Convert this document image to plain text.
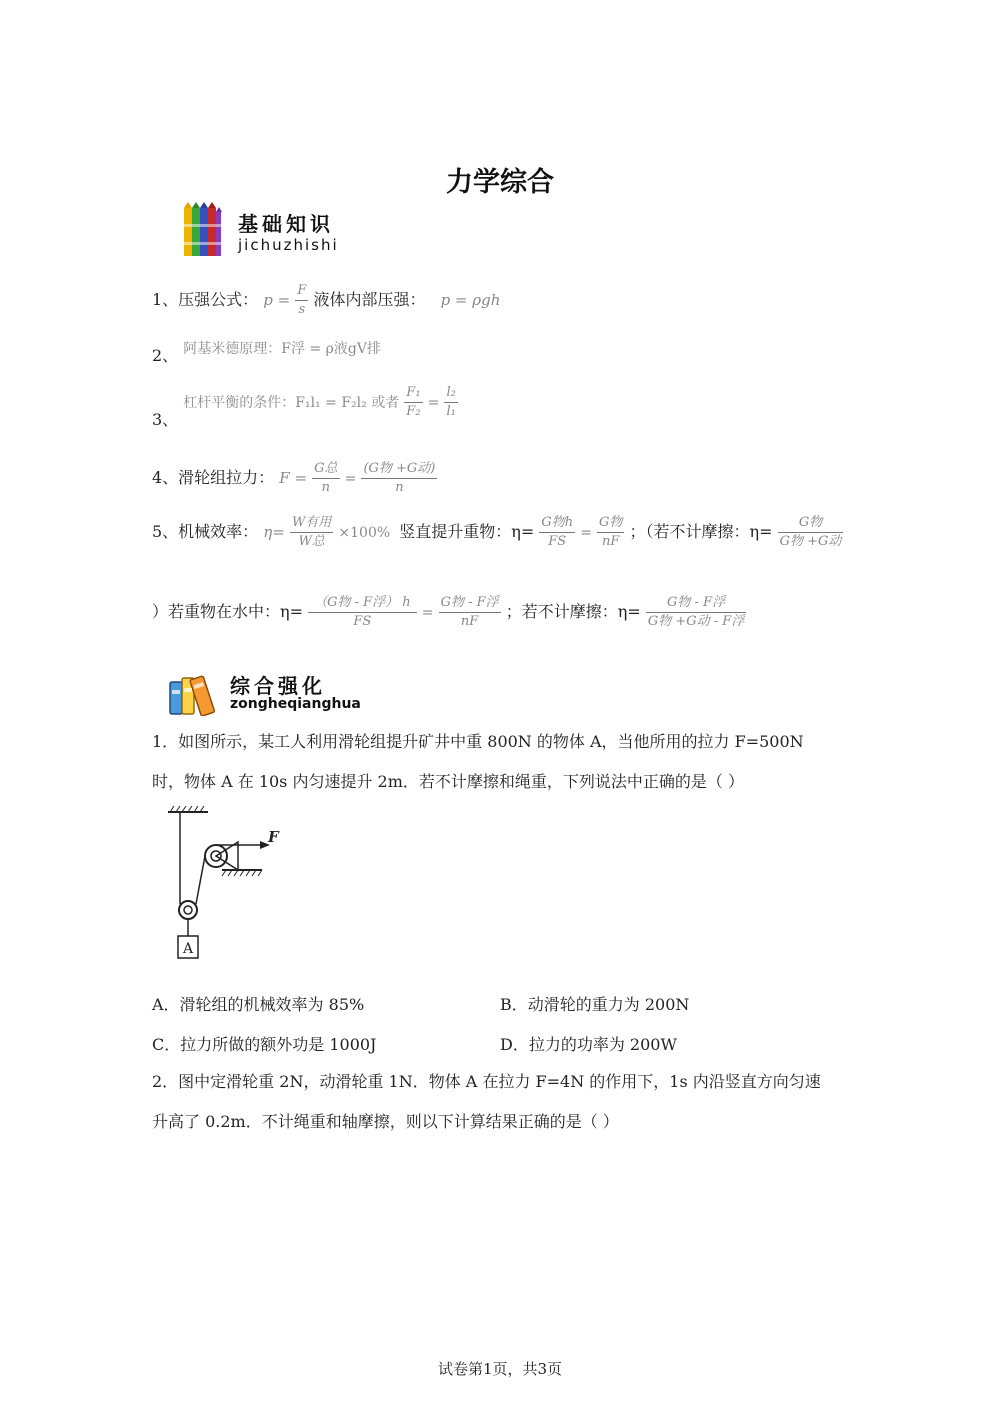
力学综合
基础知识
jichuzhishi
1、压强公式： $p = \frac{F}{s}$ 液体内部压强： p = ρgh
2、 阿基米德原理：F浮 = ρ液gV排
3、 杠杆平衡的条件：F₁l₁ = F₂l₂ 或者 $\frac{\text{F₁}}{\text{F₂}} = \frac{\text{l₂}}{\text{l₁}}$
4、滑轮组拉力： $F = \frac{\text{G总}}{n} = \frac{\text{(G物 +G动)}}{n}$
5、机械效率： $\eta= \frac{\text{W有用}}{\text{W总}} \times 100\%$ 竖直提升重物：$\eta= \frac{\text{G物h}}{FS} = \frac{\text{G物}}{nF}$ ；（若不计摩擦：$\eta= \frac{\text{G物}}{\text{G物 +G动}}$
）若重物在水中：$\eta= \frac{\text{（G物 - F浮） h}}{FS} = \frac{\text{G物 - F浮}}{nF}$ ；若不计摩擦：$\eta= \frac{\text{G物 - F浮}}{\text{G物 +G动 - F浮}}$
综合强化
zongheqianghua
1．如图所示，某工人利用滑轮组提升矿井中重 800N 的物体 A，当他所用的拉力 F=500N
时，物体 A 在 10s 内匀速提升 2m．若不计摩擦和绳重，下列说法中正确的是（ ）
A
F
A．滑轮组的机械效率为 85%	B．动滑轮的重力为 200N
C．拉力所做的额外功是 1000J	D．拉力的功率为 200W
2．图中定滑轮重 2N，动滑轮重 1N．物体 A 在拉力 F=4N 的作用下，1s 内沿竖直方向匀速
升高了 0.2m．不计绳重和轴摩擦，则以下计算结果正确的是（ ）
试卷第1页，共3页
